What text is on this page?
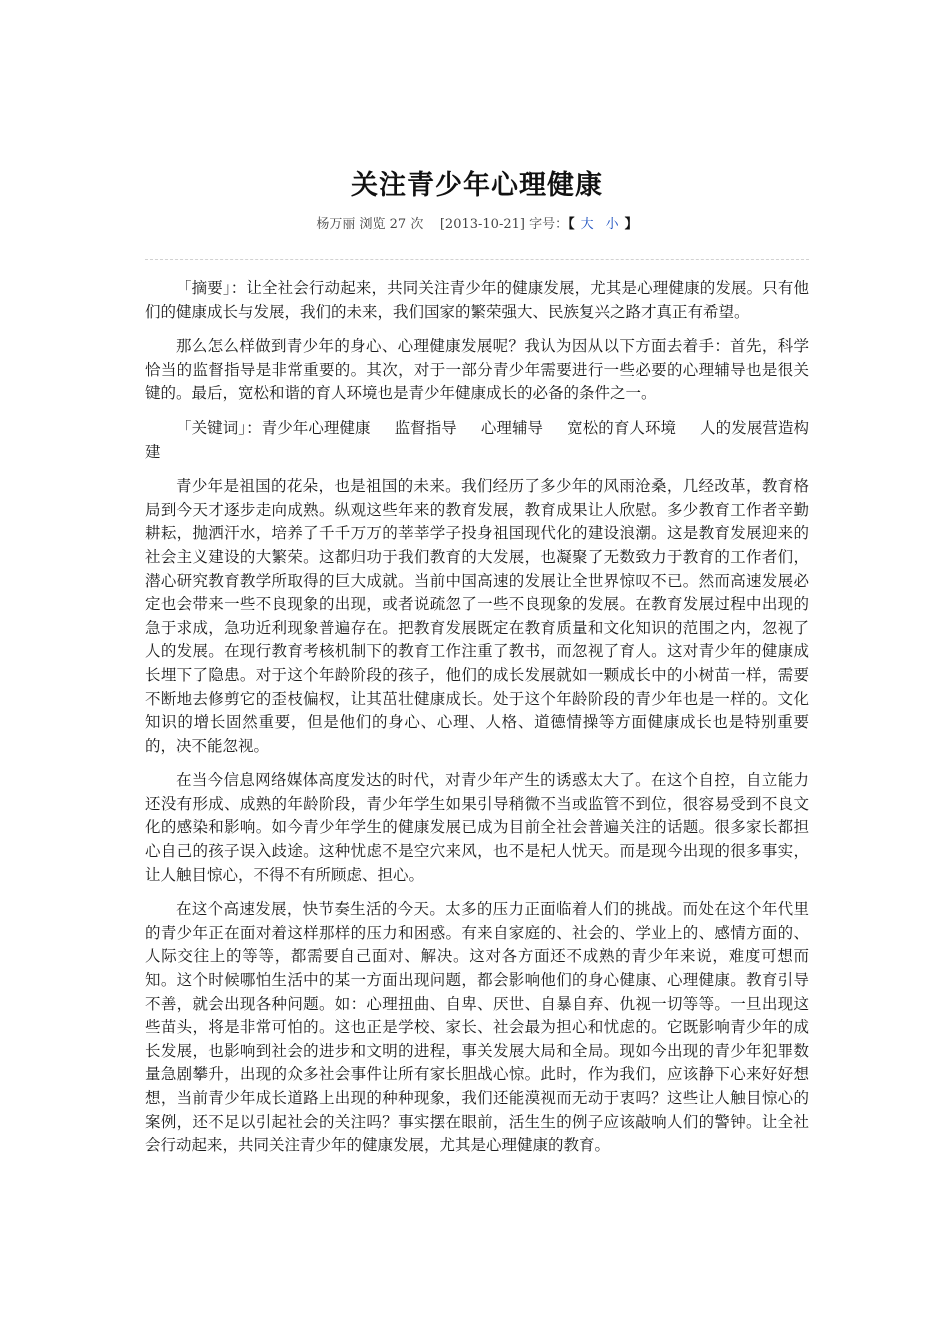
关注青少年心理健康
杨万丽 浏览 27 次 [2013-10-21] 字号：【 大 小 】

「摘要」：让全社会行动起来，共同关注青少年的健康发展，尤其是心理健康的发展。只有他们的健康成长与发展，我们的未来，我们国家的繁荣强大、民族复兴之路才真正有希望。

那么怎么样做到青少年的身心、心理健康发展呢？我认为因从以下方面去着手：首先，科学恰当的监督指导是非常重要的。其次，对于一部分青少年需要进行一些必要的心理辅导也是很关键的。最后，宽松和谐的育人环境也是青少年健康成长的必备的条件之一。

「关键词」：青少年心理健康 监督指导 心理辅导 宽松的育人环境 人的发展营造构建

青少年是祖国的花朵，也是祖国的未来。我们经历了多少年的风雨沧桑，几经改革，教育格局到今天才逐步走向成熟。纵观这些年来的教育发展，教育成果让人欣慰。多少教育工作者辛勤耕耘，抛洒汗水，培养了千千万万的莘莘学子投身祖国现代化的建设浪潮。这是教育发展迎来的社会主义建设的大繁荣。这都归功于我们教育的大发展，也凝聚了无数致力于教育的工作者们，潜心研究教育教学所取得的巨大成就。当前中国高速的发展让全世界惊叹不已。然而高速发展必定也会带来一些不良现象的出现，或者说疏忽了一些不良现象的发展。在教育发展过程中出现的急于求成，急功近利现象普遍存在。把教育发展既定在教育质量和文化知识的范围之内，忽视了人的发展。在现行教育考核机制下的教育工作注重了教书，而忽视了育人。这对青少年的健康成长埋下了隐患。对于这个年龄阶段的孩子，他们的成长发展就如一颗成长中的小树苗一样，需要不断地去修剪它的歪枝偏杈，让其茁壮健康成长。处于这个年龄阶段的青少年也是一样的。文化知识的增长固然重要，但是他们的身心、心理、人格、道德情操等方面健康成长也是特别重要的，决不能忽视。

在当今信息网络媒体高度发达的时代，对青少年产生的诱惑太大了。在这个自控，自立能力还没有形成、成熟的年龄阶段，青少年学生如果引导稍微不当或监管不到位，很容易受到不良文化的感染和影响。如今青少年学生的健康发展已成为目前全社会普遍关注的话题。很多家长都担心自己的孩子误入歧途。这种忧虑不是空穴来风，也不是杞人忧天。而是现今出现的很多事实，让人触目惊心，不得不有所顾虑、担心。

在这个高速发展，快节奏生活的今天。太多的压力正面临着人们的挑战。而处在这个年代里的青少年正在面对着这样那样的压力和困惑。有来自家庭的、社会的、学业上的、感情方面的、人际交往上的等等，都需要自己面对、解决。这对各方面还不成熟的青少年来说，难度可想而知。这个时候哪怕生活中的某一方面出现问题，都会影响他们的身心健康、心理健康。教育引导不善，就会出现各种问题。如：心理扭曲、自卑、厌世、自暴自弃、仇视一切等等。一旦出现这些苗头，将是非常可怕的。这也正是学校、家长、社会最为担心和忧虑的。它既影响青少年的成长发展，也影响到社会的进步和文明的进程，事关发展大局和全局。现如今出现的青少年犯罪数量急剧攀升，出现的众多社会事件让所有家长胆战心惊。此时，作为我们，应该静下心来好好想想，当前青少年成长道路上出现的种种现象，我们还能漠视而无动于衷吗？这些让人触目惊心的案例，还不足以引起社会的关注吗？事实摆在眼前，活生生的例子应该敲响人们的警钟。让全社会行动起来，共同关注青少年的健康发展，尤其是心理健康的教育。
